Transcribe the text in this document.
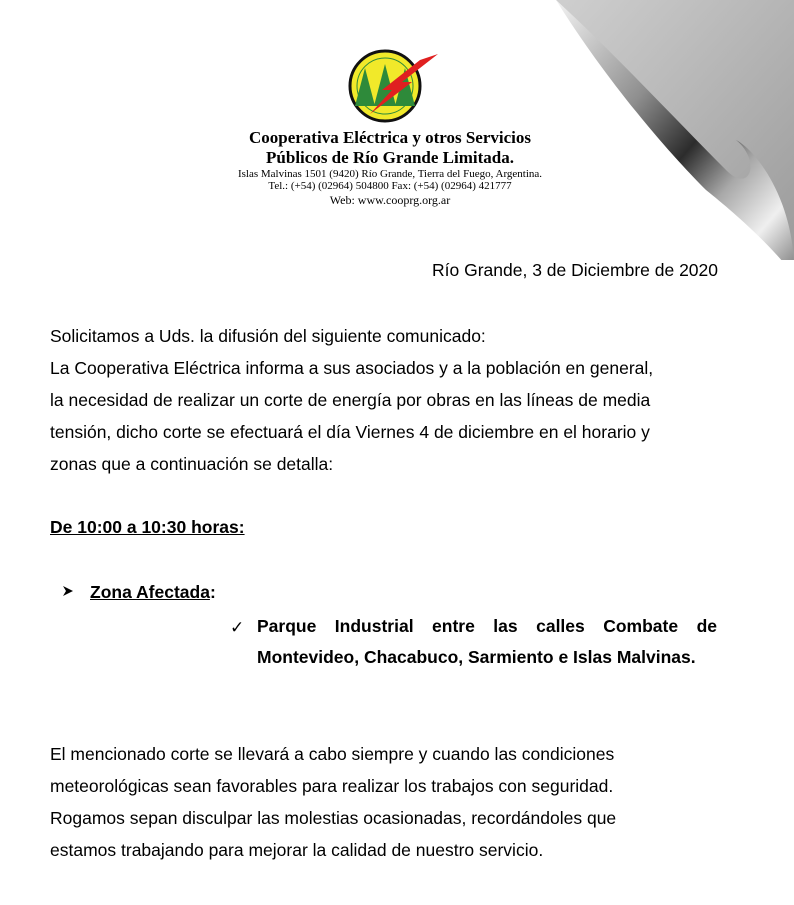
Cooperativa Eléctrica y otros Servicios
Públicos de Río Grande Limitada.
Islas Malvinas 1501 (9420) Río Grande, Tierra del Fuego, Argentina.
Tel.: (+54) (02964) 504800 Fax: (+54) (02964) 421777
Web: www.cooprg.org.ar
Río Grande, 3 de Diciembre de 2020
Solicitamos a Uds. la difusión del siguiente comunicado:
La Cooperativa Eléctrica informa a sus asociados y a la población en general,
la necesidad de realizar un corte de energía por obras en las líneas de media
tensión, dicho corte se efectuará el día Viernes 4 de diciembre en el horario y
zonas que a continuación se detalla:
De 10:00 a 10:30 horas:
Zona Afectada:
✓ Parque Industrial entre las calles Combate de Montevideo, Chacabuco, Sarmiento e Islas Malvinas.

El mencionado corte se llevará a cabo siempre y cuando las condiciones
meteorológicas sean favorables para realizar los trabajos con seguridad.
Rogamos sepan disculpar las molestias ocasionadas, recordándoles que
estamos trabajando para mejorar la calidad de nuestro servicio.
